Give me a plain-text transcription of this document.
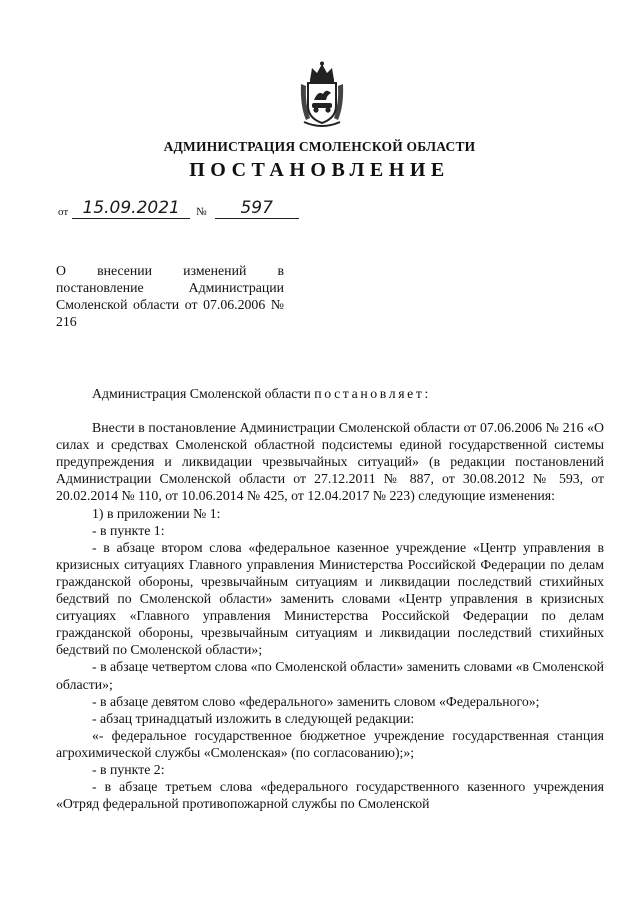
АДМИНИСТРАЦИЯ СМОЛЕНСКОЙ ОБЛАСТИ
ПОСТАНОВЛЕНИЕ
от 15.09.2021	№	597
О внесении изменений в постановление Администрации Смоленской области от 07.06.2006 № 216

Администрация Смоленской области постановляет:

Внести в постановление Администрации Смоленской области от 07.06.2006 № 216 «О силах и средствах Смоленской областной подсистемы единой государственной системы предупреждения и ликвидации чрезвычайных ситуаций» (в редакции постановлений Администрации Смоленской области от 27.12.2011 № 887, от 30.08.2012 № 593, от 20.02.2014 № 110, от 10.06.2014 № 425, от 12.04.2017 № 223) следующие изменения:

1) в приложении № 1:

- в пункте 1:

- в абзаце втором слова «федеральное казенное учреждение «Центр управления в кризисных ситуациях Главного управления Министерства Российской Федерации по делам гражданской обороны, чрезвычайным ситуациям и ликвидации последствий стихийных бедствий по Смоленской области» заменить словами «Центр управления в кризисных ситуациях «Главного управления Министерства Российской Федерации по делам гражданской обороны, чрезвычайным ситуациям и ликвидации последствий стихийных бедствий по Смоленской области»;

- в абзаце четвертом слова «по Смоленской области» заменить словами «в Смоленской области»;

- в абзаце девятом слово «федерального» заменить словом «Федерального»;

- абзац тринадцатый изложить в следующей редакции:

«- федеральное государственное бюджетное учреждение государственная станция агрохимической службы «Смоленская» (по согласованию);»;

- в пункте 2:

- в абзаце третьем слова «федерального государственного казенного учреждения «Отряд федеральной противопожарной службы по Смоленской
